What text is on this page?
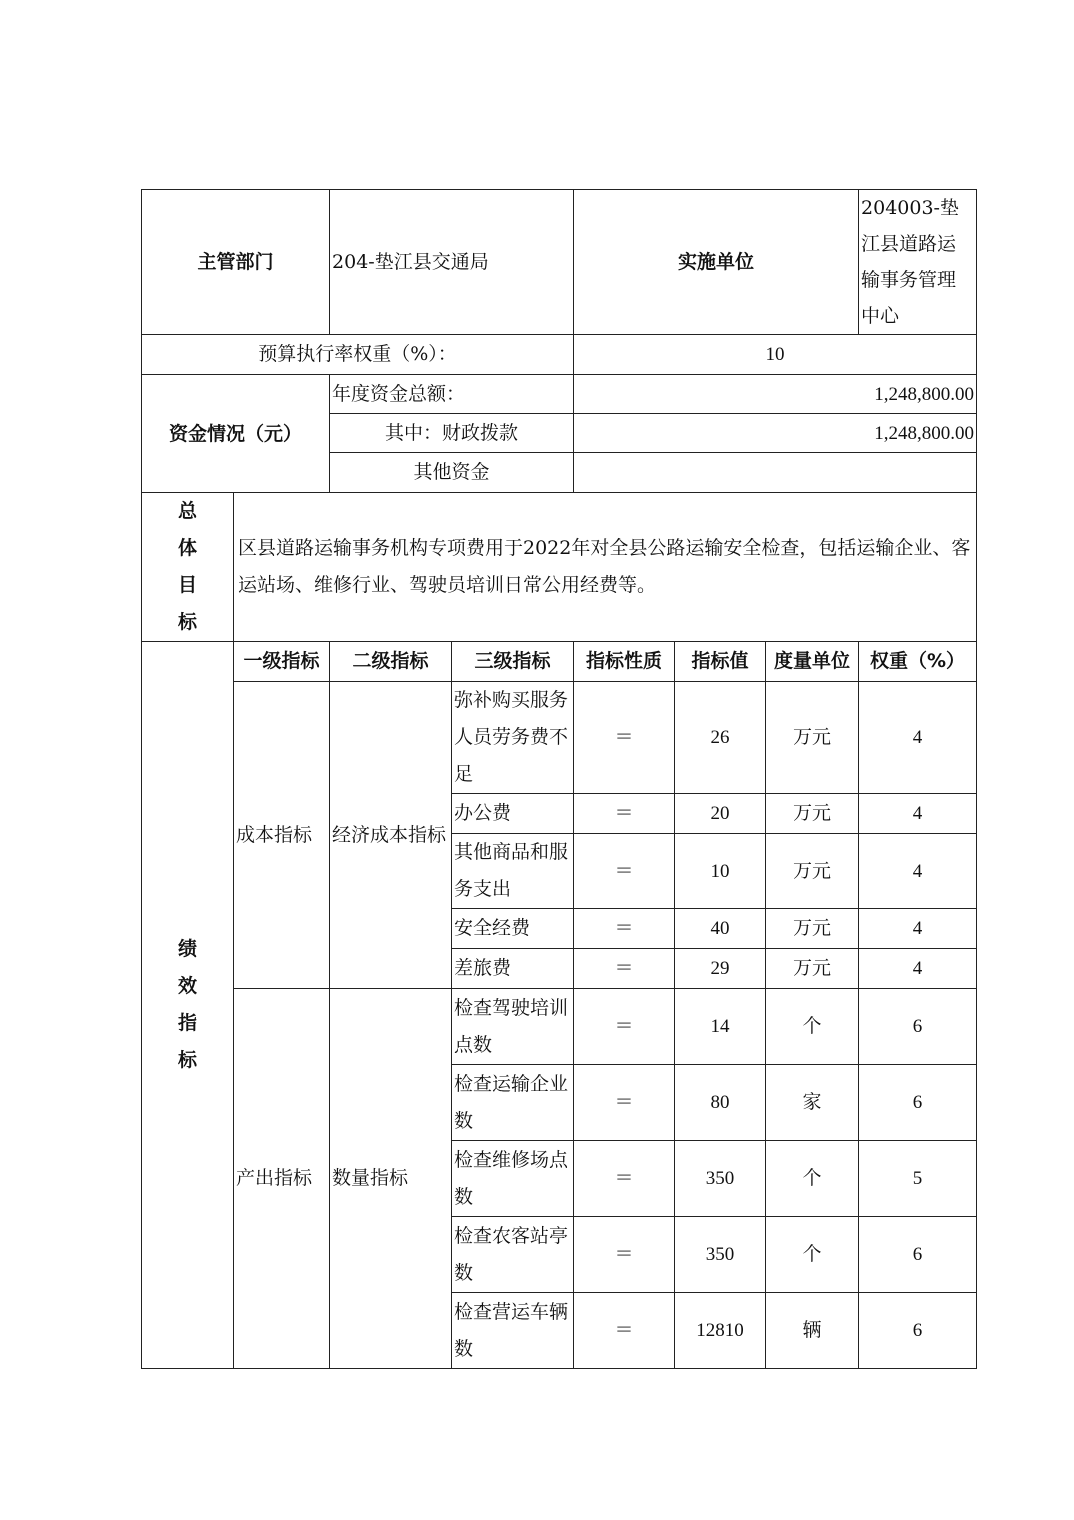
主管部门		204-垫江县交通局		实施单位			204003-垫江县道路运输事务管理中心
预算执行率权重（%）：				10			
资金情况（元）		年度资金总额：		1,248,800.00			
		其中：财政拨款		1,248,800.00			
		其他资金					

总
体
目
标	区县道路运输事务机构专项费用于2022年对全县公路运输安全检查，包括运输企业、客运站场、维修行业、驾驶员培训日常公用经费等。						

绩
效
指
标	一级指标	二级指标	三级指标	指标性质	指标值	度量单位	权重（%）
	成本指标	经济成本指标	弥补购买服务人员劳务费不足	＝	26	万元	4
			办公费	＝	20	万元	4
			其他商品和服务支出	＝	10	万元	4
			安全经费	＝	40	万元	4
			差旅费	＝	29	万元	4
	产出指标	数量指标	检查驾驶培训点数	＝	14	个	6
			检查运输企业数	＝	80	家	6
			检查维修场点数	＝	350	个	5
			检查农客站亭数	＝	350	个	6
			检查营运车辆数	＝	12810	辆	6
